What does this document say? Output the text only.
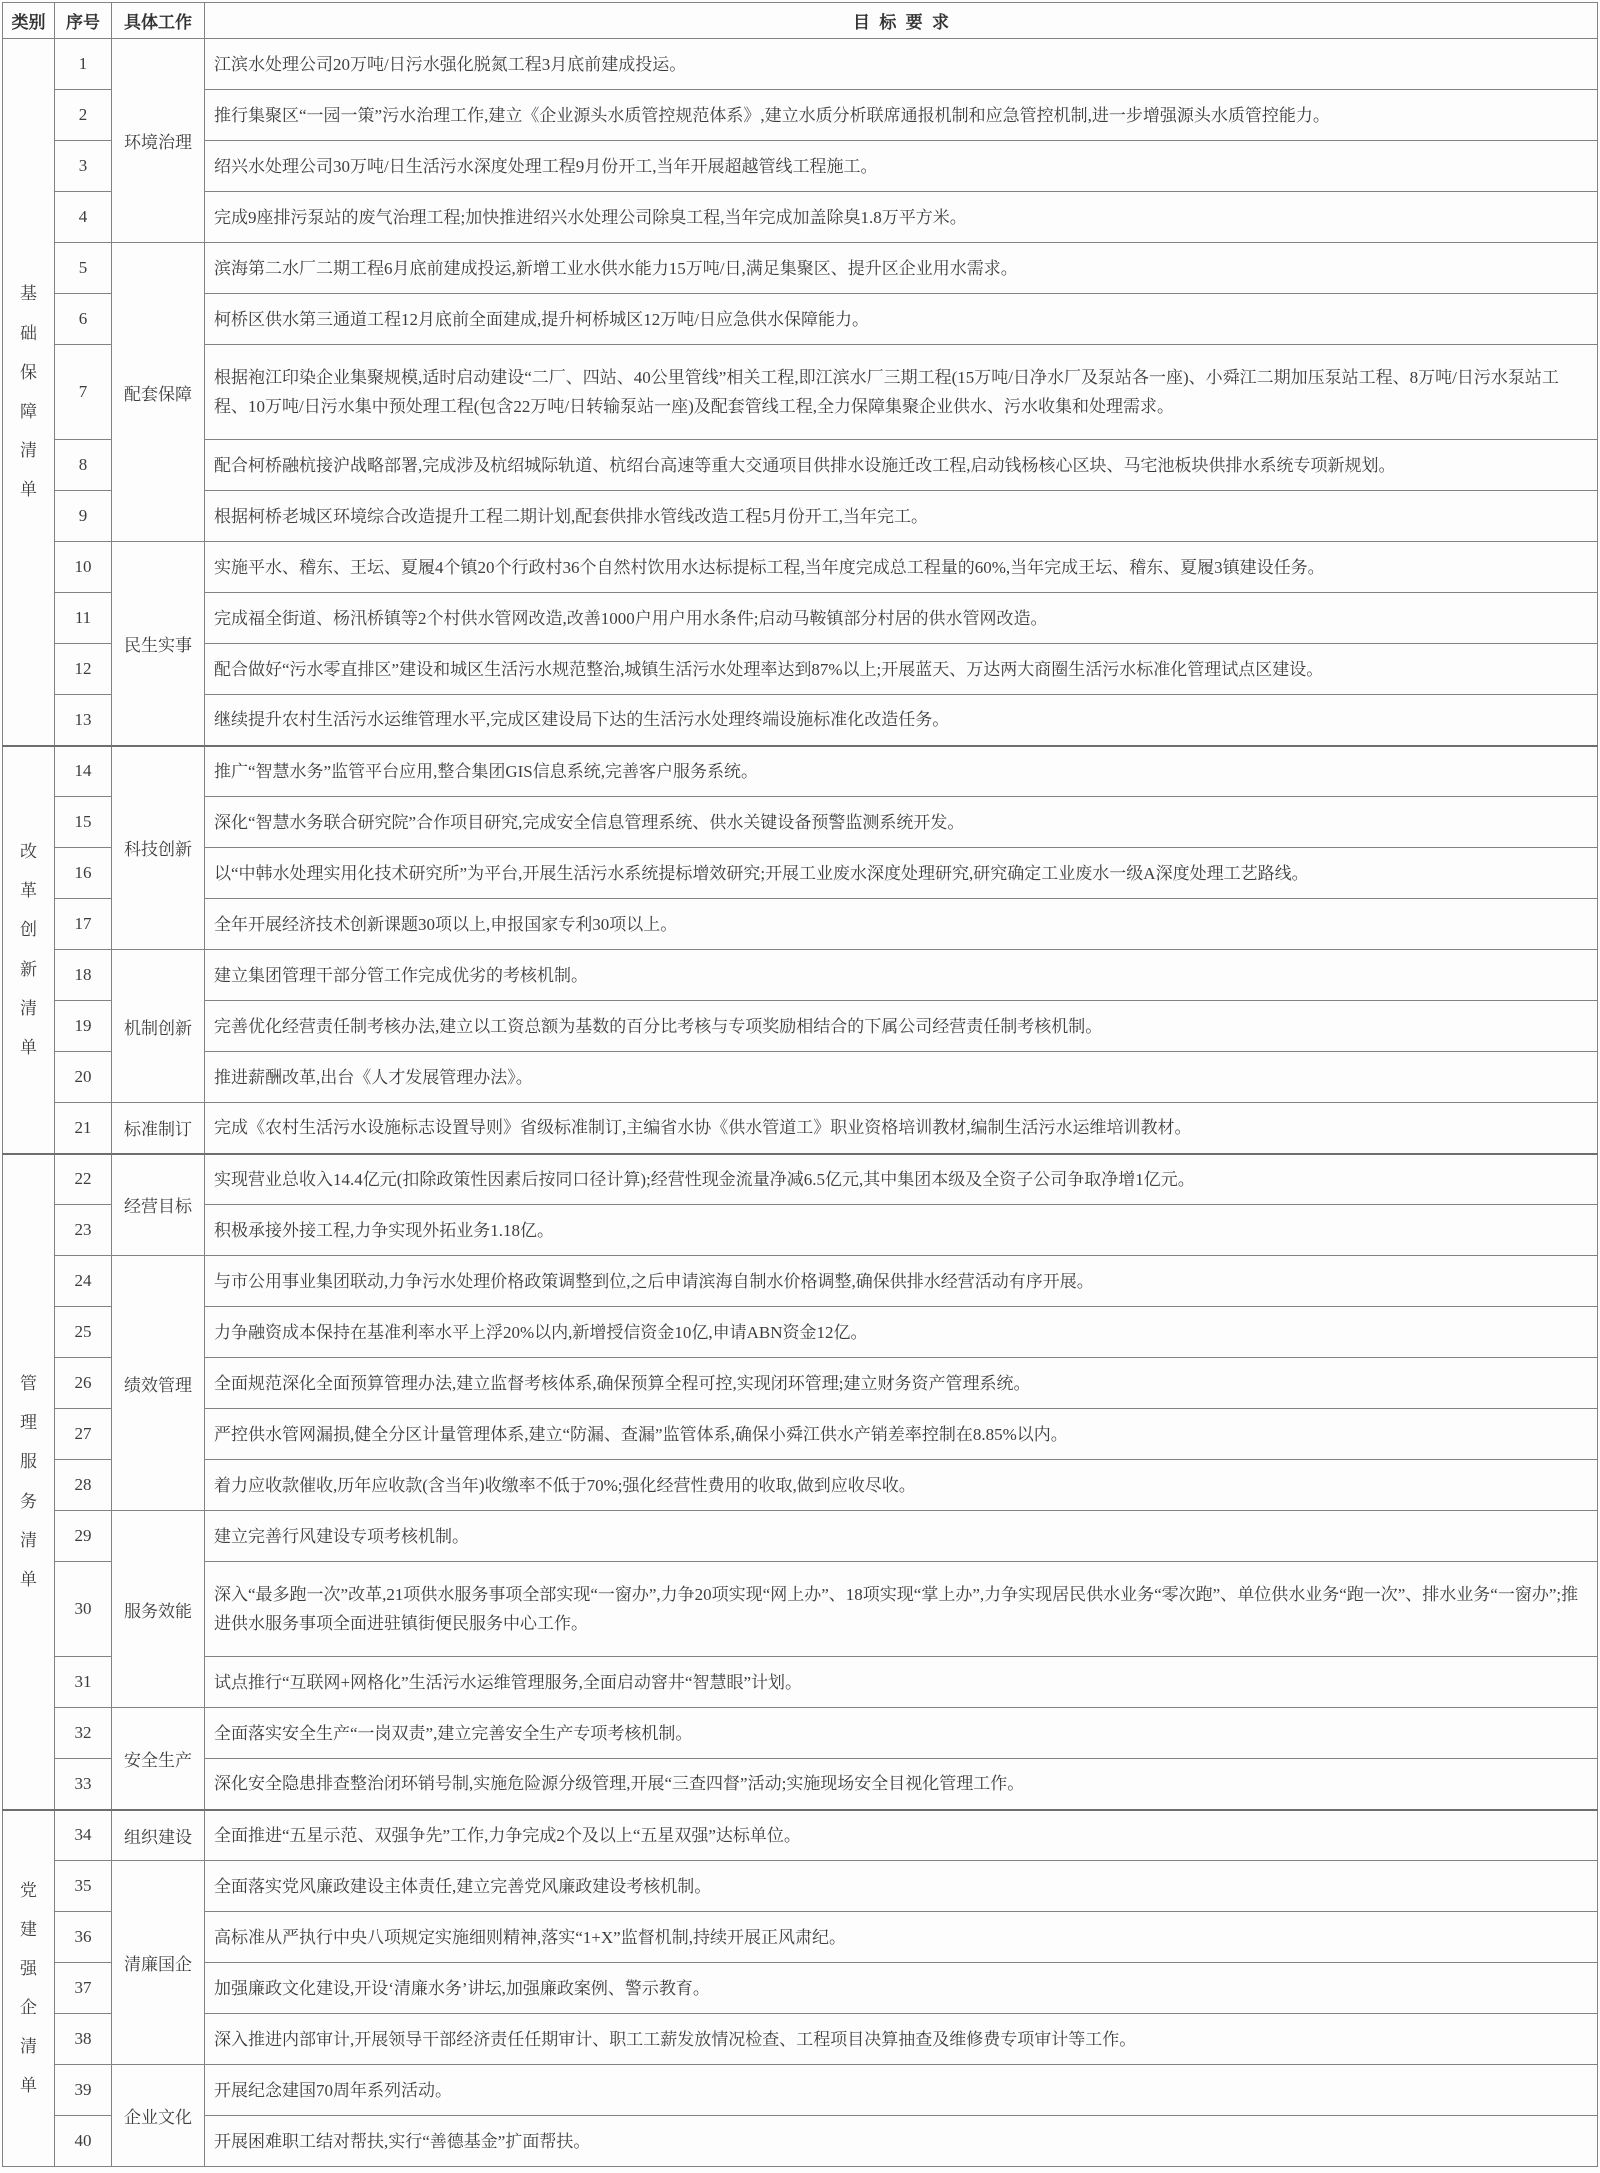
类别	序号	具体工作	目标要求

基础保障清单	1	环境治理	江滨水处理公司20万吨/日污水强化脱氮工程3月底前建成投运。
	2		推行集聚区“一园一策”污水治理工作,建立《企业源头水质管控规范体系》,建立水质分析联席通报机制和应急管控机制,进一步增强源头水质管控能力。
	3		绍兴水处理公司30万吨/日生活污水深度处理工程9月份开工,当年开展超越管线工程施工。
	4		完成9座排污泵站的废气治理工程;加快推进绍兴水处理公司除臭工程,当年完成加盖除臭1.8万平方米。
	5	配套保障	滨海第二水厂二期工程6月底前建成投运,新增工业水供水能力15万吨/日,满足集聚区、提升区企业用水需求。
	6		柯桥区供水第三通道工程12月底前全面建成,提升柯桥城区12万吨/日应急供水保障能力。
	7		根据袍江印染企业集聚规模,适时启动建设“二厂、四站、40公里管线”相关工程,即江滨水厂三期工程(15万吨/日净水厂及泵站各一座)、小舜江二期加压泵站工程、8万吨/日污水泵站工程、10万吨/日污水集中预处理工程(包含22万吨/日转输泵站一座)及配套管线工程,全力保障集聚企业供水、污水收集和处理需求。
	8		配合柯桥融杭接沪战略部署,完成涉及杭绍城际轨道、杭绍台高速等重大交通项目供排水设施迁改工程,启动钱杨核心区块、马宅池板块供排水系统专项新规划。
	9		根据柯桥老城区环境综合改造提升工程二期计划,配套供排水管线改造工程5月份开工,当年完工。
	10	民生实事	实施平水、稽东、王坛、夏履4个镇20个行政村36个自然村饮用水达标提标工程,当年度完成总工程量的60%,当年完成王坛、稽东、夏履3镇建设任务。
	11		完成福全街道、杨汛桥镇等2个村供水管网改造,改善1000户用户用水条件;启动马鞍镇部分村居的供水管网改造。
	12		配合做好“污水零直排区”建设和城区生活污水规范整治,城镇生活污水处理率达到87%以上;开展蓝天、万达两大商圈生活污水标准化管理试点区建设。
	13		继续提升农村生活污水运维管理水平,完成区建设局下达的生活污水处理终端设施标准化改造任务。

改革创新清单	14	科技创新	推广“智慧水务”监管平台应用,整合集团GIS信息系统,完善客户服务系统。
	15		深化“智慧水务联合研究院”合作项目研究,完成安全信息管理系统、供水关键设备预警监测系统开发。
	16		以“中韩水处理实用化技术研究所”为平台,开展生活污水系统提标增效研究;开展工业废水深度处理研究,研究确定工业废水一级A深度处理工艺路线。
	17		全年开展经济技术创新课题30项以上,申报国家专利30项以上。
	18	机制创新	建立集团管理干部分管工作完成优劣的考核机制。
	19		完善优化经营责任制考核办法,建立以工资总额为基数的百分比考核与专项奖励相结合的下属公司经营责任制考核机制。
	20		推进薪酬改革,出台《人才发展管理办法》。
	21	标准制订	完成《农村生活污水设施标志设置导则》省级标准制订,主编省水协《供水管道工》职业资格培训教材,编制生活污水运维培训教材。

管理服务清单	22	经营目标	实现营业总收入14.4亿元(扣除政策性因素后按同口径计算);经营性现金流量净减6.5亿元,其中集团本级及全资子公司争取净增1亿元。
	23		积极承接外接工程,力争实现外拓业务1.18亿。
	24	绩效管理	与市公用事业集团联动,力争污水处理价格政策调整到位,之后申请滨海自制水价格调整,确保供排水经营活动有序开展。
	25		力争融资成本保持在基准利率水平上浮20%以内,新增授信资金10亿,申请ABN资金12亿。
	26		全面规范深化全面预算管理办法,建立监督考核体系,确保预算全程可控,实现闭环管理;建立财务资产管理系统。
	27		严控供水管网漏损,健全分区计量管理体系,建立“防漏、查漏”监管体系,确保小舜江供水产销差率控制在8.85%以内。
	28		着力应收款催收,历年应收款(含当年)收缴率不低于70%;强化经营性费用的收取,做到应收尽收。
	29	服务效能	建立完善行风建设专项考核机制。
	30		深入“最多跑一次”改革,21项供水服务事项全部实现“一窗办”,力争20项实现“网上办”、18项实现“掌上办”,力争实现居民供水业务“零次跑”、单位供水业务“跑一次”、排水业务“一窗办”;推进供水服务事项全面进驻镇街便民服务中心工作。
	31		试点推行“互联网+网格化”生活污水运维管理服务,全面启动窨井“智慧眼”计划。
	32	安全生产	全面落实安全生产“一岗双责”,建立完善安全生产专项考核机制。
	33		深化安全隐患排查整治闭环销号制,实施危险源分级管理,开展“三查四督”活动;实施现场安全目视化管理工作。

党建强企清单	34	组织建设	全面推进“五星示范、双强争先”工作,力争完成2个及以上“五星双强”达标单位。
	35	清廉国企	全面落实党风廉政建设主体责任,建立完善党风廉政建设考核机制。
	36		高标准从严执行中央八项规定实施细则精神,落实“1+X”监督机制,持续开展正风肃纪。
	37		加强廉政文化建设,开设‘清廉水务’讲坛,加强廉政案例、警示教育。
	38		深入推进内部审计,开展领导干部经济责任任期审计、职工工薪发放情况检查、工程项目决算抽查及维修费专项审计等工作。
	39	企业文化	开展纪念建国70周年系列活动。
	40		开展困难职工结对帮扶,实行“善德基金”扩面帮扶。
